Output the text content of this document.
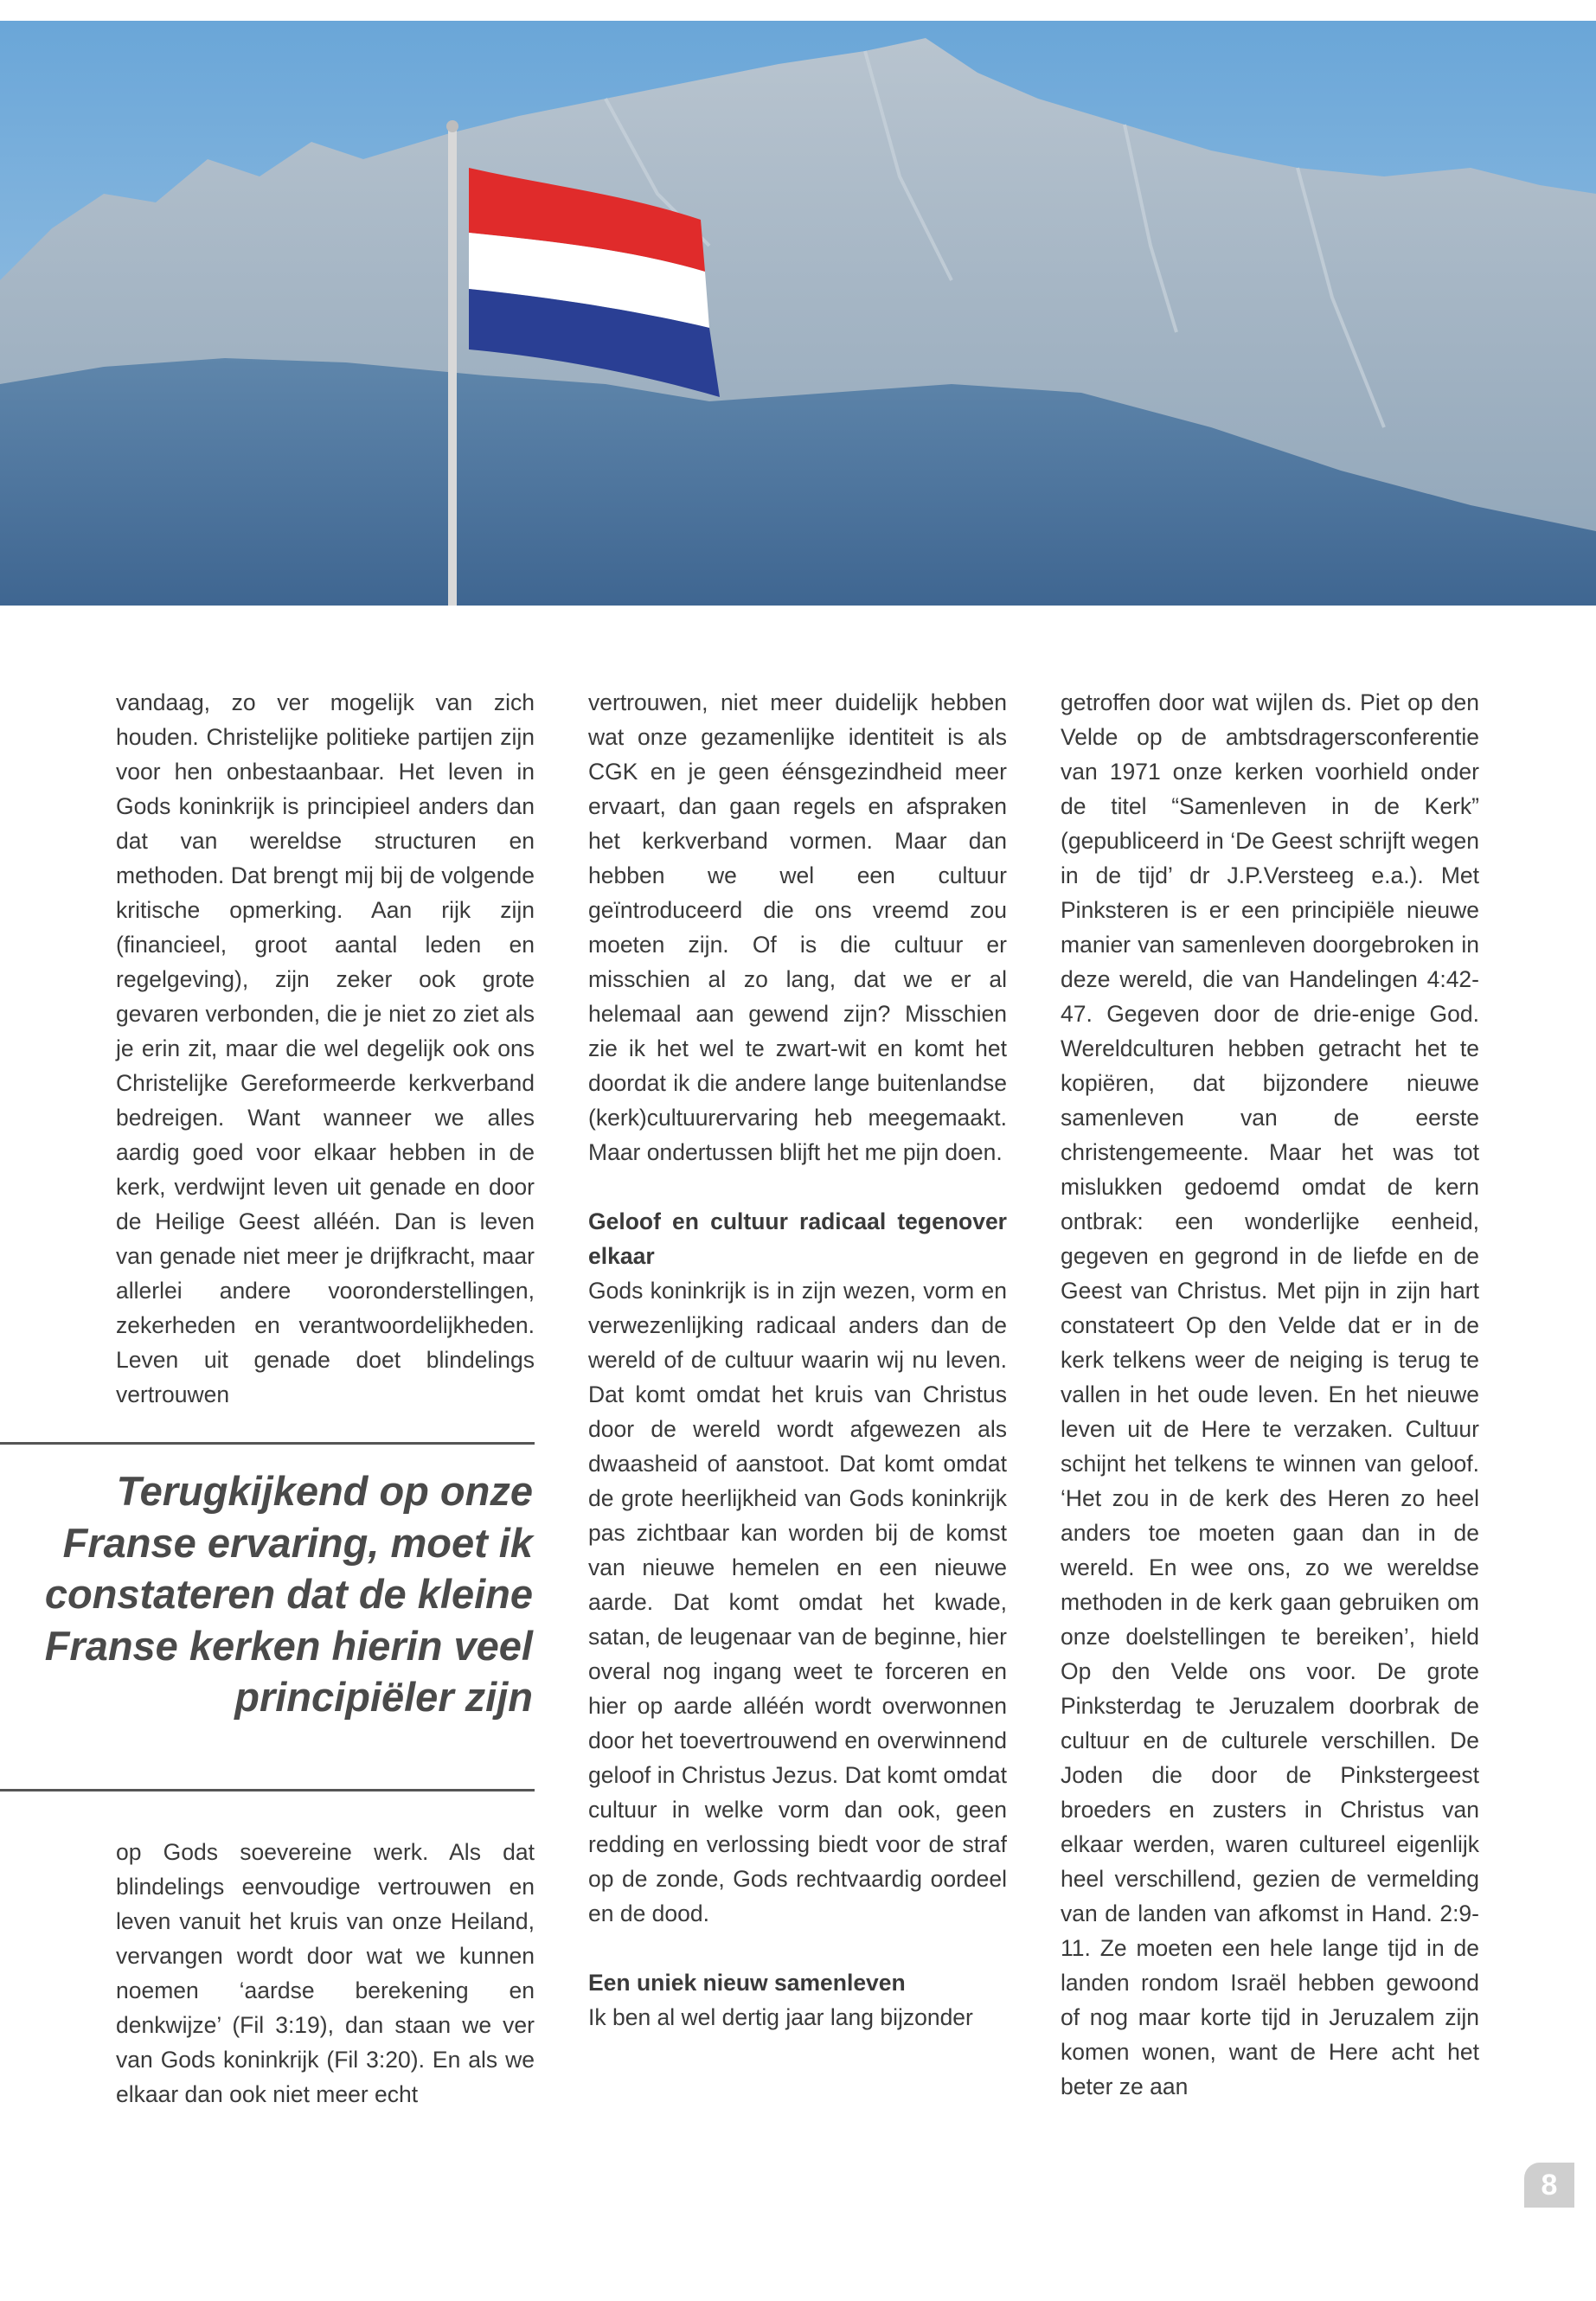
vandaag, zo ver mogelijk van zich houden. Christelijke politieke partijen zijn voor hen onbestaanbaar. Het leven in Gods koninkrijk is principieel anders dan dat van wereldse structuren en methoden. Dat brengt mij bij de volgende kritische opmerking. Aan rijk zijn (financieel, groot aantal leden en regelgeving), zijn zeker ook grote gevaren verbonden, die je niet zo ziet als je erin zit, maar die wel degelijk ook ons Christelijke Gereformeerde kerkverband bedreigen. Want wanneer we alles aardig goed voor elkaar hebben in de kerk, verdwijnt leven uit genade en door de Heilige Geest alléén. Dan is leven van genade niet meer je drijfkracht, maar allerlei andere vooronderstellingen, zekerheden en verantwoordelijkheden. Leven uit genade doet blindelings vertrouwen

Terugkijkend op onze Franse ervaring, moet ik constateren dat de kleine Franse kerken hierin veel principiëler zijn

op Gods soevereine werk. Als dat blindelings eenvoudige vertrouwen en leven vanuit het kruis van onze Heiland, vervangen wordt door wat we kunnen noemen ‘aardse berekening en denkwijze’ (Fil 3:19), dan staan we ver van Gods koninkrijk (Fil 3:20). En als we elkaar dan ook niet meer echt

vertrouwen, niet meer duidelijk hebben wat onze gezamenlijke identiteit is als CGK en je geen éénsgezindheid meer ervaart, dan gaan regels en afspraken het kerkverband vormen. Maar dan hebben we wel een cultuur geïntroduceerd die ons vreemd zou moeten zijn. Of is die cultuur er misschien al zo lang, dat we er al helemaal aan gewend zijn? Misschien zie ik het wel te zwart-wit en komt het doordat ik die andere lange buitenlandse (kerk)cultuurervaring heb meegemaakt. Maar ondertussen blijft het me pijn doen.

Geloof en cultuur radicaal tegenover elkaar

Gods koninkrijk is in zijn wezen, vorm en verwezenlijking radicaal anders dan de wereld of de cultuur waarin wij nu leven. Dat komt omdat het kruis van Christus door de wereld wordt afgewezen als dwaasheid of aanstoot. Dat komt omdat de grote heerlijkheid van Gods koninkrijk pas zichtbaar kan worden bij de komst van nieuwe hemelen en een nieuwe aarde. Dat komt omdat het kwade, satan, de leugenaar van de beginne, hier overal nog ingang weet te forceren en hier op aarde alléén wordt overwonnen door het toevertrouwend en overwinnend geloof in Christus Jezus. Dat komt omdat cultuur in welke vorm dan ook, geen redding en verlossing biedt voor de straf op de zonde, Gods rechtvaardig oordeel en de dood.

Een uniek nieuw samenleven

Ik ben al wel dertig jaar lang bijzonder

getroffen door wat wijlen ds. Piet op den Velde op de ambtsdragersconferentie van 1971 onze kerken voorhield onder de titel “Samenleven in de Kerk” (gepubliceerd in ‘De Geest schrijft wegen in de tijd’ dr J.P.Versteeg e.a.). Met Pinksteren is er een principiële nieuwe manier van samenleven doorgebroken in deze wereld, die van Handelingen 4:42-47. Gegeven door de drie-enige God. Wereldculturen hebben getracht het te kopiëren, dat bijzondere nieuwe samenleven van de eerste christengemeente. Maar het was tot mislukken gedoemd omdat de kern ontbrak: een wonderlijke eenheid, gegeven en gegrond in de liefde en de Geest van Christus. Met pijn in zijn hart constateert Op den Velde dat er in de kerk telkens weer de neiging is terug te vallen in het oude leven. En het nieuwe leven uit de Here te verzaken. Cultuur schijnt het telkens te winnen van geloof. ‘Het zou in de kerk des Heren zo heel anders toe moeten gaan dan in de wereld. En wee ons, zo we wereldse methoden in de kerk gaan gebruiken om onze doelstellingen te bereiken’, hield Op den Velde ons voor. De grote Pinksterdag te Jeruzalem doorbrak de cultuur en de culturele verschillen. De Joden die door de Pinkstergeest broeders en zusters in Christus van elkaar werden, waren cultureel eigenlijk heel verschillend, gezien de vermelding van de landen van afkomst in Hand. 2:9-11. Ze moeten een hele lange tijd in de landen rondom Israël hebben gewoond of nog maar korte tijd in Jeruzalem zijn komen wonen, want de Here acht het beter ze aan

8
